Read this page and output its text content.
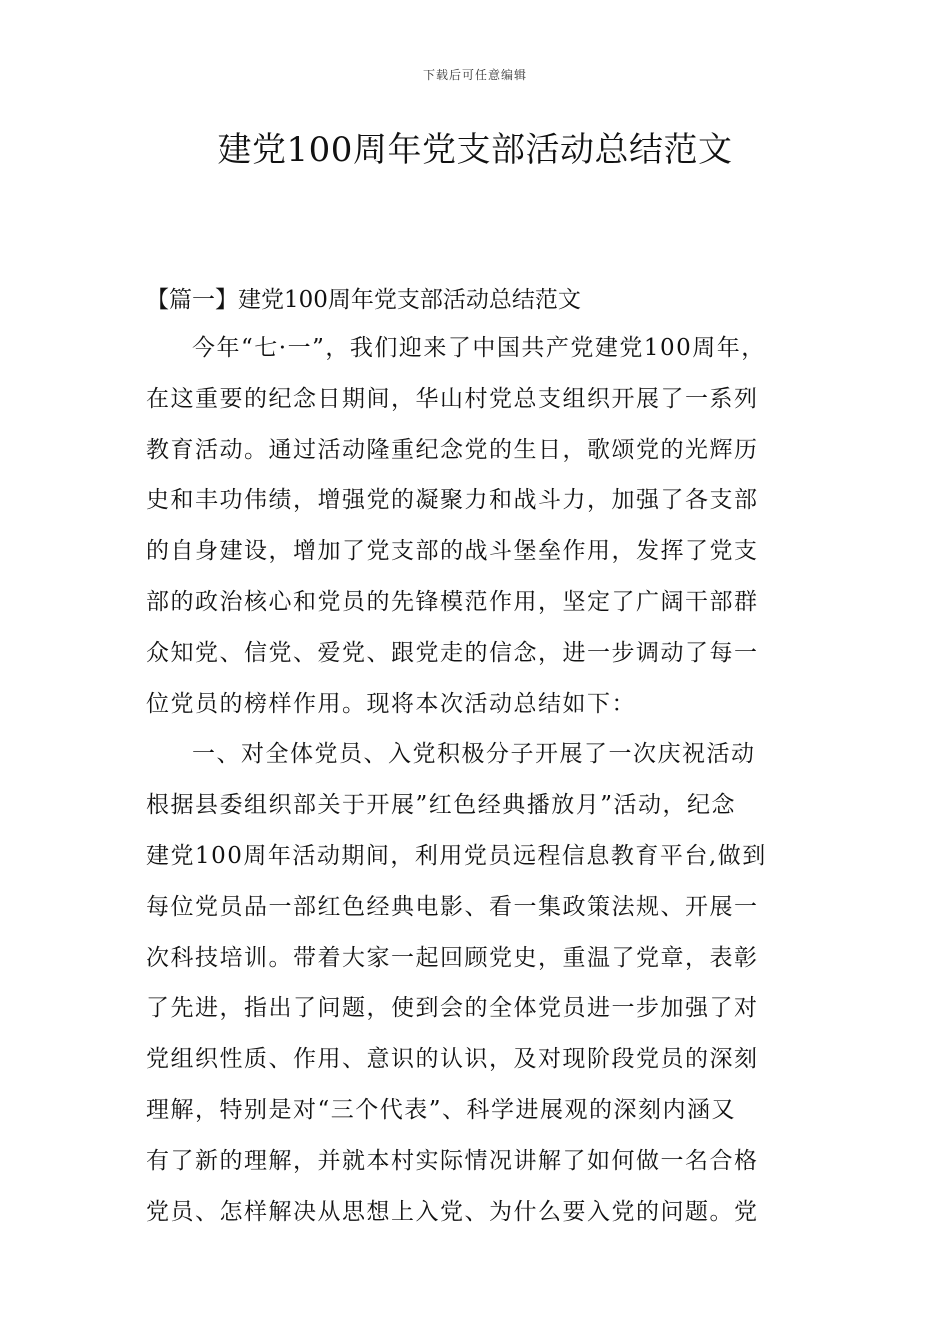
下载后可任意编辑
建党100周年党支部活动总结范文
【篇一】建党100周年党支部活动总结范文
今年“七·一”，我们迎来了中国共产党建党100周年，
在这重要的纪念日期间，华山村党总支组织开展了一系列
教育活动。通过活动隆重纪念党的生日，歌颂党的光辉历
史和丰功伟绩，增强党的凝聚力和战斗力，加强了各支部
的自身建设，增加了党支部的战斗堡垒作用，发挥了党支
部的政治核心和党员的先锋模范作用，坚定了广阔干部群
众知党、信党、爱党、跟党走的信念，进一步调动了每一
位党员的榜样作用。现将本次活动总结如下：
一、对全体党员、入党积极分子开展了一次庆祝活动
根据县委组织部关于开展”红色经典播放月”活动，纪念
建党100周年活动期间，利用党员远程信息教育平台,做到
每位党员品一部红色经典电影、看一集政策法规、开展一
次科技培训。带着大家一起回顾党史，重温了党章，表彰
了先进，指出了问题，使到会的全体党员进一步加强了对
党组织性质、作用、意识的认识，及对现阶段党员的深刻
理解，特别是对“三个代表”、科学进展观的深刻内涵又
有了新的理解，并就本村实际情况讲解了如何做一名合格
党员、怎样解决从思想上入党、为什么要入党的问题。党
